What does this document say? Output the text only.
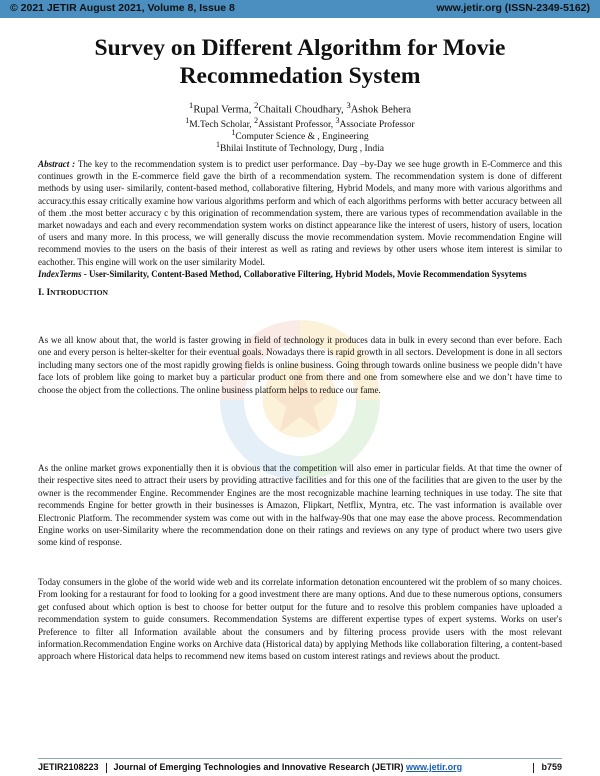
© 2021 JETIR August 2021, Volume 8, Issue 8	www.jetir.org (ISSN-2349-5162)
Survey on Different Algorithm for Movie Recommedation System
$^1$Rupal Verma, $^2$Chaitali Choudhary, $^3$Ashok Behera
$^1$M.Tech Scholar, $^2$Assistant Professor, $^3$Associate Professor
$^1$Computer Science & , Engineering
$^1$Bhilai Institute of Technology, Durg , India
Abstract : The key to the recommendation system is to predict user performance. Day –by-Day we see huge growth in E-Commerce and this continues growth in the E-commerce field gave the birth of a recommendation system. The recommendation system is done of different methods by using user- similarily, content-based method, collaborative filtering, Hybrid Models, and many more with various algorithms and accuracy.this essay critically examine how various algorithms perform and which of each algorithms performs with better accuracy between all of them .the most better accuracy c by this origination of recommendation system, there are various types of recommendation available in the market nowadays and each and every recommendation system works on distinct appearance like the interest of users, history of users, location of users and many more. In this process, we will generally discuss the movie recommendation system. Movie recommendation Engine will recommend movies to the users on the basis of their interest as well as rating and reviews by other users whose item interest is similar to eachother. This engine will work on the user similarity Model.
IndexTerms - User-Similarity, Content-Based Method, Collaborative Filtering, Hybrid Models, Movie Recommendation Sysytems
I. INTRODUCTION
As we all know about that, the world is faster growing in field of technology it produces data in bulk in every second than ever before. Each one and every person is helter-skelter for their eventual goals. Nowadays there is rapid growth in all sectors. Development is done in all sectors including many sectors one of the most rapidly growing fields is online business. Going through towards online business we people didn’t have face lots of problem like going to market buy a particular product one from there and one from somewhere else and we don’t have time to choose the object from the collections. The online business platform helps to reduce our fame.
As the online market grows exponentially then it is obvious that the competition will also emer in particular fields. At that time the owner of their respective sites need to attract their users by providing attractive facilities and for this one of the facilities that are given to the user by the owner is the recommender Engine. Recommender Engines are the most recognizable machine learning techniques in use today. The site that recommends Engine for better growth in their businesses is Amazon, Flipkart, Netflix, Myntra, etc. The vast information is available over Electronic Platform. The recommender system was come out with in the halfway-90s that one may ease the above process. Recommendation Engine works on user-Similarity where the recommendation done on their ratings and reviews on any type of product where two users give some kind of response.
Today consumers in the globe of the world wide web and its correlate information detonation encountered wit the problem of so many choices. From looking for a restaurant for food to looking for a good investment there are many options. And due to these numerous options, consumers get confused about which option is best to choose for better output for the future and to resolve this problem companies have uploaded a recommendation system to guide consumers. Recommendation Systems are different expertise types of expert systems. Works on user's Preference to filter all Information available about the consumers and by filtering process provide users with the most relevant information.Recommendation Engine works on Archive data (Historical data) by applying Methods like collaboration filtering, a content-based approach where Historical data helps to recommend new items based on custom interest ratings and reviews about the product.
JETIR2108223 Journal of Emerging Technologies and Innovative Research (JETIR) www.jetir.org	b759
